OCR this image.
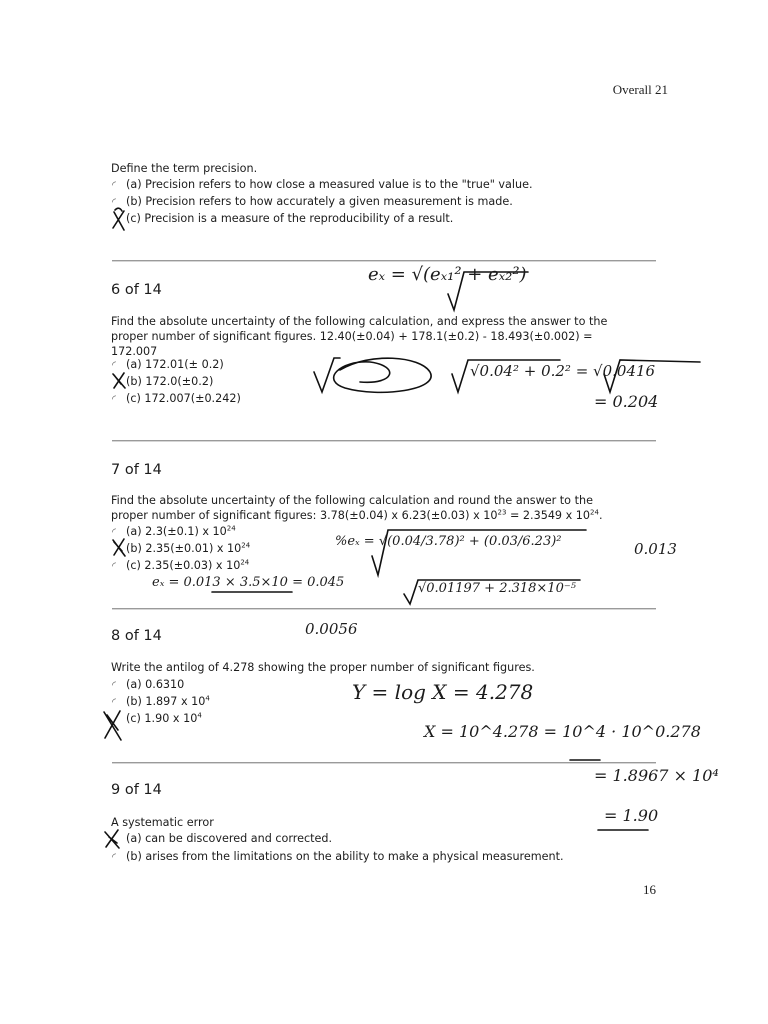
Overall 21
Define the term precision.
◜ (a) Precision refers to how close a measured value is to the "true" value.
◜ (b) Precision refers to how accurately a given measurement is made.
(c) Precision is a measure of the reproducibility of a result.
6 of 14
Find the absolute uncertainty of the following calculation, and express the answer to the
proper number of significant figures. 12.40(±0.04) + 178.1(±0.2) - 18.493(±0.002) =
172.007
◜ (a) 172.01(± 0.2)
(b) 172.0(±0.2)
◜ (c) 172.007(±0.242)
7 of 14
Find the absolute uncertainty of the following calculation and round the answer to the
proper number of significant figures: 3.78(±0.04) x 6.23(±0.03) x $10^{23} = 2.3549$ x $10^{24}$.
◜ (a) 2.3(±0.1) x $10^{24}$
(b) 2.35(±0.01) x $10^{24}$
◜ (c) 2.35(±0.03) x $10^{24}$
8 of 14
Write the antilog of 4.278 showing the proper number of significant figures.
◜ (a) 0.6310
◜ (b) 1.897 x $10^4$
(c) 1.90 x $10^4$
9 of 14
A systematic error
(a) can be discovered and corrected.
◜ (b) arises from the limitations on the ability to make a physical measurement.
16
eₓ = √(eₓ₁² + eₓ₂²)
√0.04² + 0.2² = √0.0416
= 0.204
%eₓ = √(0.04/3.78)² + (0.03/6.23)²	0.013
√0.01197 + 2.318×10⁻⁵
eₓ = 0.013 × 3.5×10 = 0.045
0.0056
Y = log X = 4.278
X = 10^4.278 = 10^4 · 10^0.278
= 1.8967 × 10⁴
= 1.90
